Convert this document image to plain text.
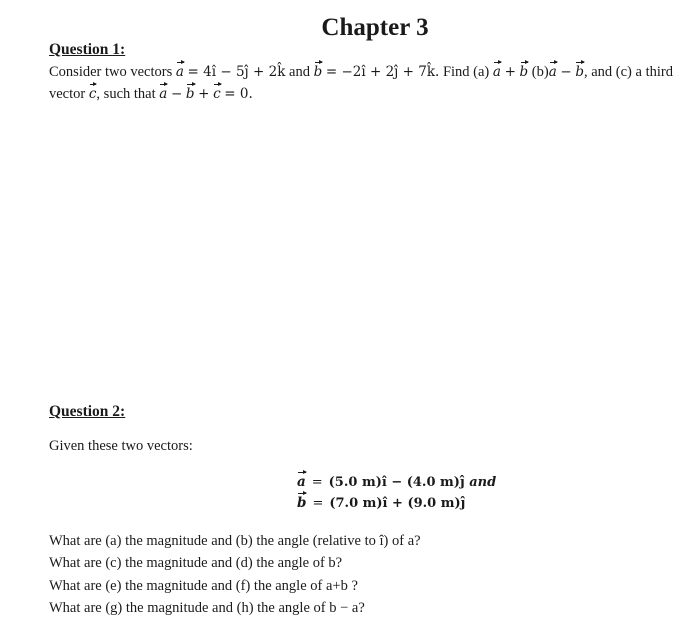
Chapter 3
Question 1:
Consider two vectors a = 4î − 5ĵ + 2k̂ and b = −2î + 2ĵ + 7k̂. Find (a) a + b (b)a − b, and (c) a third
vector c, such that a − b + c = 0.
Question 2:
Given these two vectors:
a = (5.0 m)î − (4.0 m)ĵ and
b = (7.0 m)î + (9.0 m)ĵ
What are (a) the magnitude and (b) the angle (relative to î) of a?
What are (c) the magnitude and (d) the angle of b?
What are (e) the magnitude and (f) the angle of a+b ?
What are (g) the magnitude and (h) the angle of b − a?
